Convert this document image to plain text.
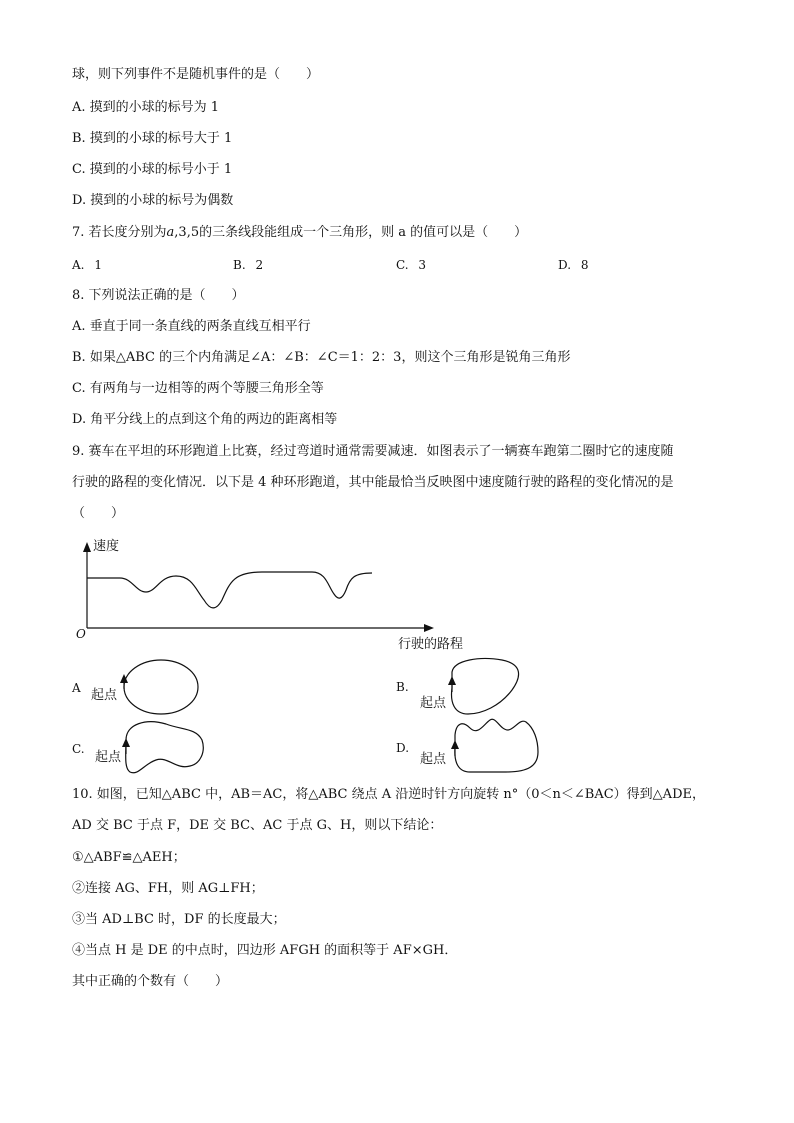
球，则下列事件不是随机事件的是（　　）
A. 摸到的小球的标号为 1
B. 摸到的小球的标号大于 1
C. 摸到的小球的标号小于 1
D. 摸到的小球的标号为偶数
7. 若长度分别为𝑎,3,5的三条线段能组成一个三角形，则 a 的值可以是（　　）
A. 1	B. 2	C. 3	D. 8
8. 下列说法正确的是（　　）
A. 垂直于同一条直线的两条直线互相平行
B. 如果△ABC 的三个内角满足∠A：∠B：∠C＝1：2：3，则这个三角形是锐角三角形
C. 有两角与一边相等的两个等腰三角形全等
D. 角平分线上的点到这个角的两边的距离相等
9. 赛车在平坦的环形跑道上比赛，经过弯道时通常需要减速．如图表示了一辆赛车跑第二圈时它的速度随
行驶的路程的变化情况．以下是 4 种环形跑道，其中能最恰当反映图中速度随行驶的路程的变化情况的是
（　　）
速度
O
行驶的路程
A 起点
B.
起点
C.
起点
D.
起点
10. 如图，已知△ABC 中，AB＝AC，将△ABC 绕点 A 沿逆时针方向旋转 n°（0＜n＜∠BAC）得到△ADE，
AD 交 BC 于点 F，DE 交 BC、AC 于点 G、H，则以下结论：
①△ABF≌△AEH；
②连接 AG、FH，则 AG⊥FH；
③当 AD⊥BC 时，DF 的长度最大；
④当点 H 是 DE 的中点时，四边形 AFGH 的面积等于 AF×GH．
其中正确的个数有（　　）
